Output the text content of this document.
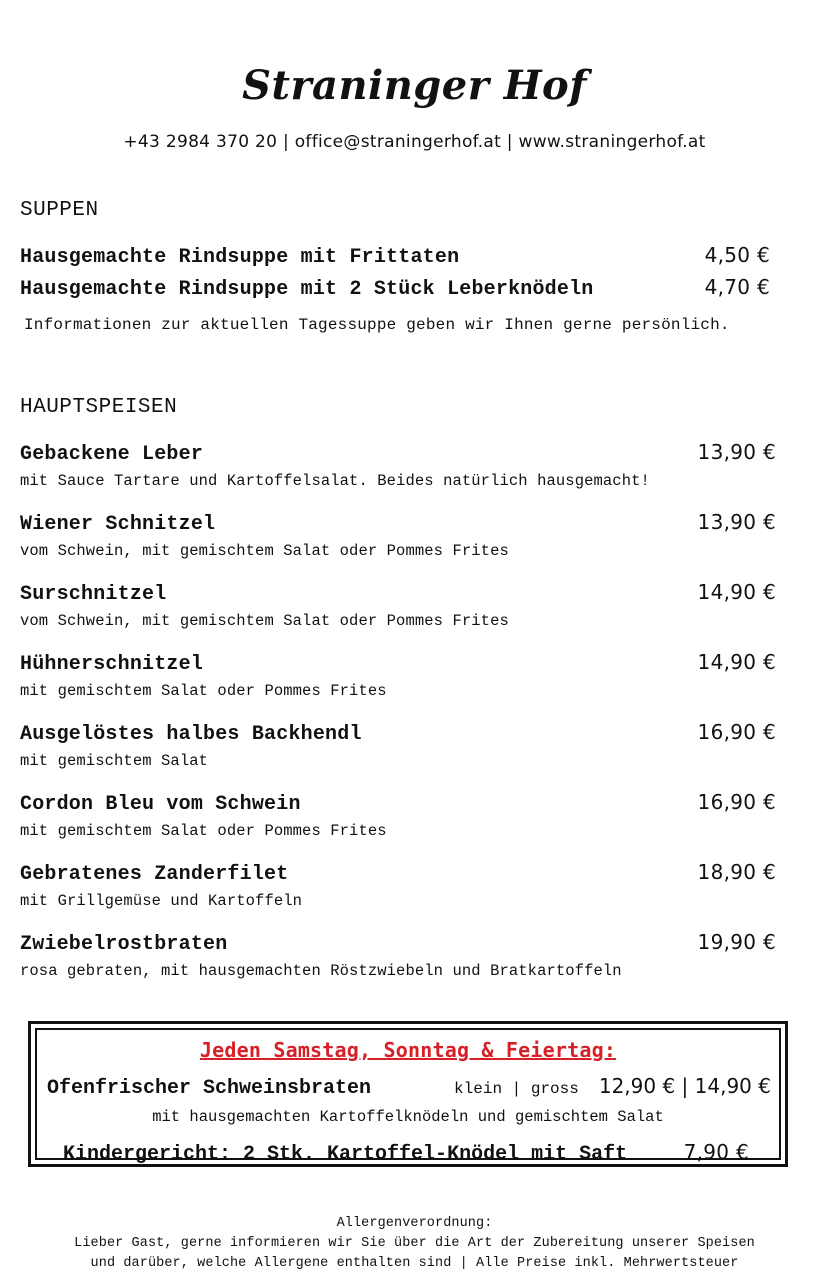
Straninger Hof
+43 2984 370 20 | office@straningerhof.at | www.straningerhof.at
SUPPEN
Hausgemachte Rindsuppe mit Frittaten	4,50 €
Hausgemachte Rindsuppe mit 2 Stück Leberknödeln	4,70 €
Informationen zur aktuellen Tagessuppe geben wir Ihnen gerne persönlich.
HAUPTSPEISEN
Gebackene Leber	13,90 €
mit Sauce Tartare und Kartoffelsalat. Beides natürlich hausgemacht!
Wiener Schnitzel	13,90 €
vom Schwein, mit gemischtem Salat oder Pommes Frites
Surschnitzel	14,90 €
vom Schwein, mit gemischtem Salat oder Pommes Frites
Hühnerschnitzel	14,90 €
mit gemischtem Salat oder Pommes Frites
Ausgelöstes halbes Backhendl	16,90 €
mit gemischtem Salat
Cordon Bleu vom Schwein	16,90 €
mit gemischtem Salat oder Pommes Frites
Gebratenes Zanderfilet	18,90 €
mit Grillgemüse und Kartoffeln
Zwiebelrostbraten	19,90 €
rosa gebraten, mit hausgemachten Röstzwiebeln und Bratkartoffeln
Jeden Samstag, Sonntag & Feiertag:
Ofenfrischer Schweinsbraten	klein | gross 12,90 € | 14,90 €
mit hausgemachten Kartoffelknödeln und gemischtem Salat
Kindergericht: 2 Stk. Kartoffel-Knödel mit Saft	7,90 €
Allergenverordnung:
Lieber Gast, gerne informieren wir Sie über die Art der Zubereitung unserer Speisen
und darüber, welche Allergene enthalten sind | Alle Preise inkl. Mehrwertsteuer
